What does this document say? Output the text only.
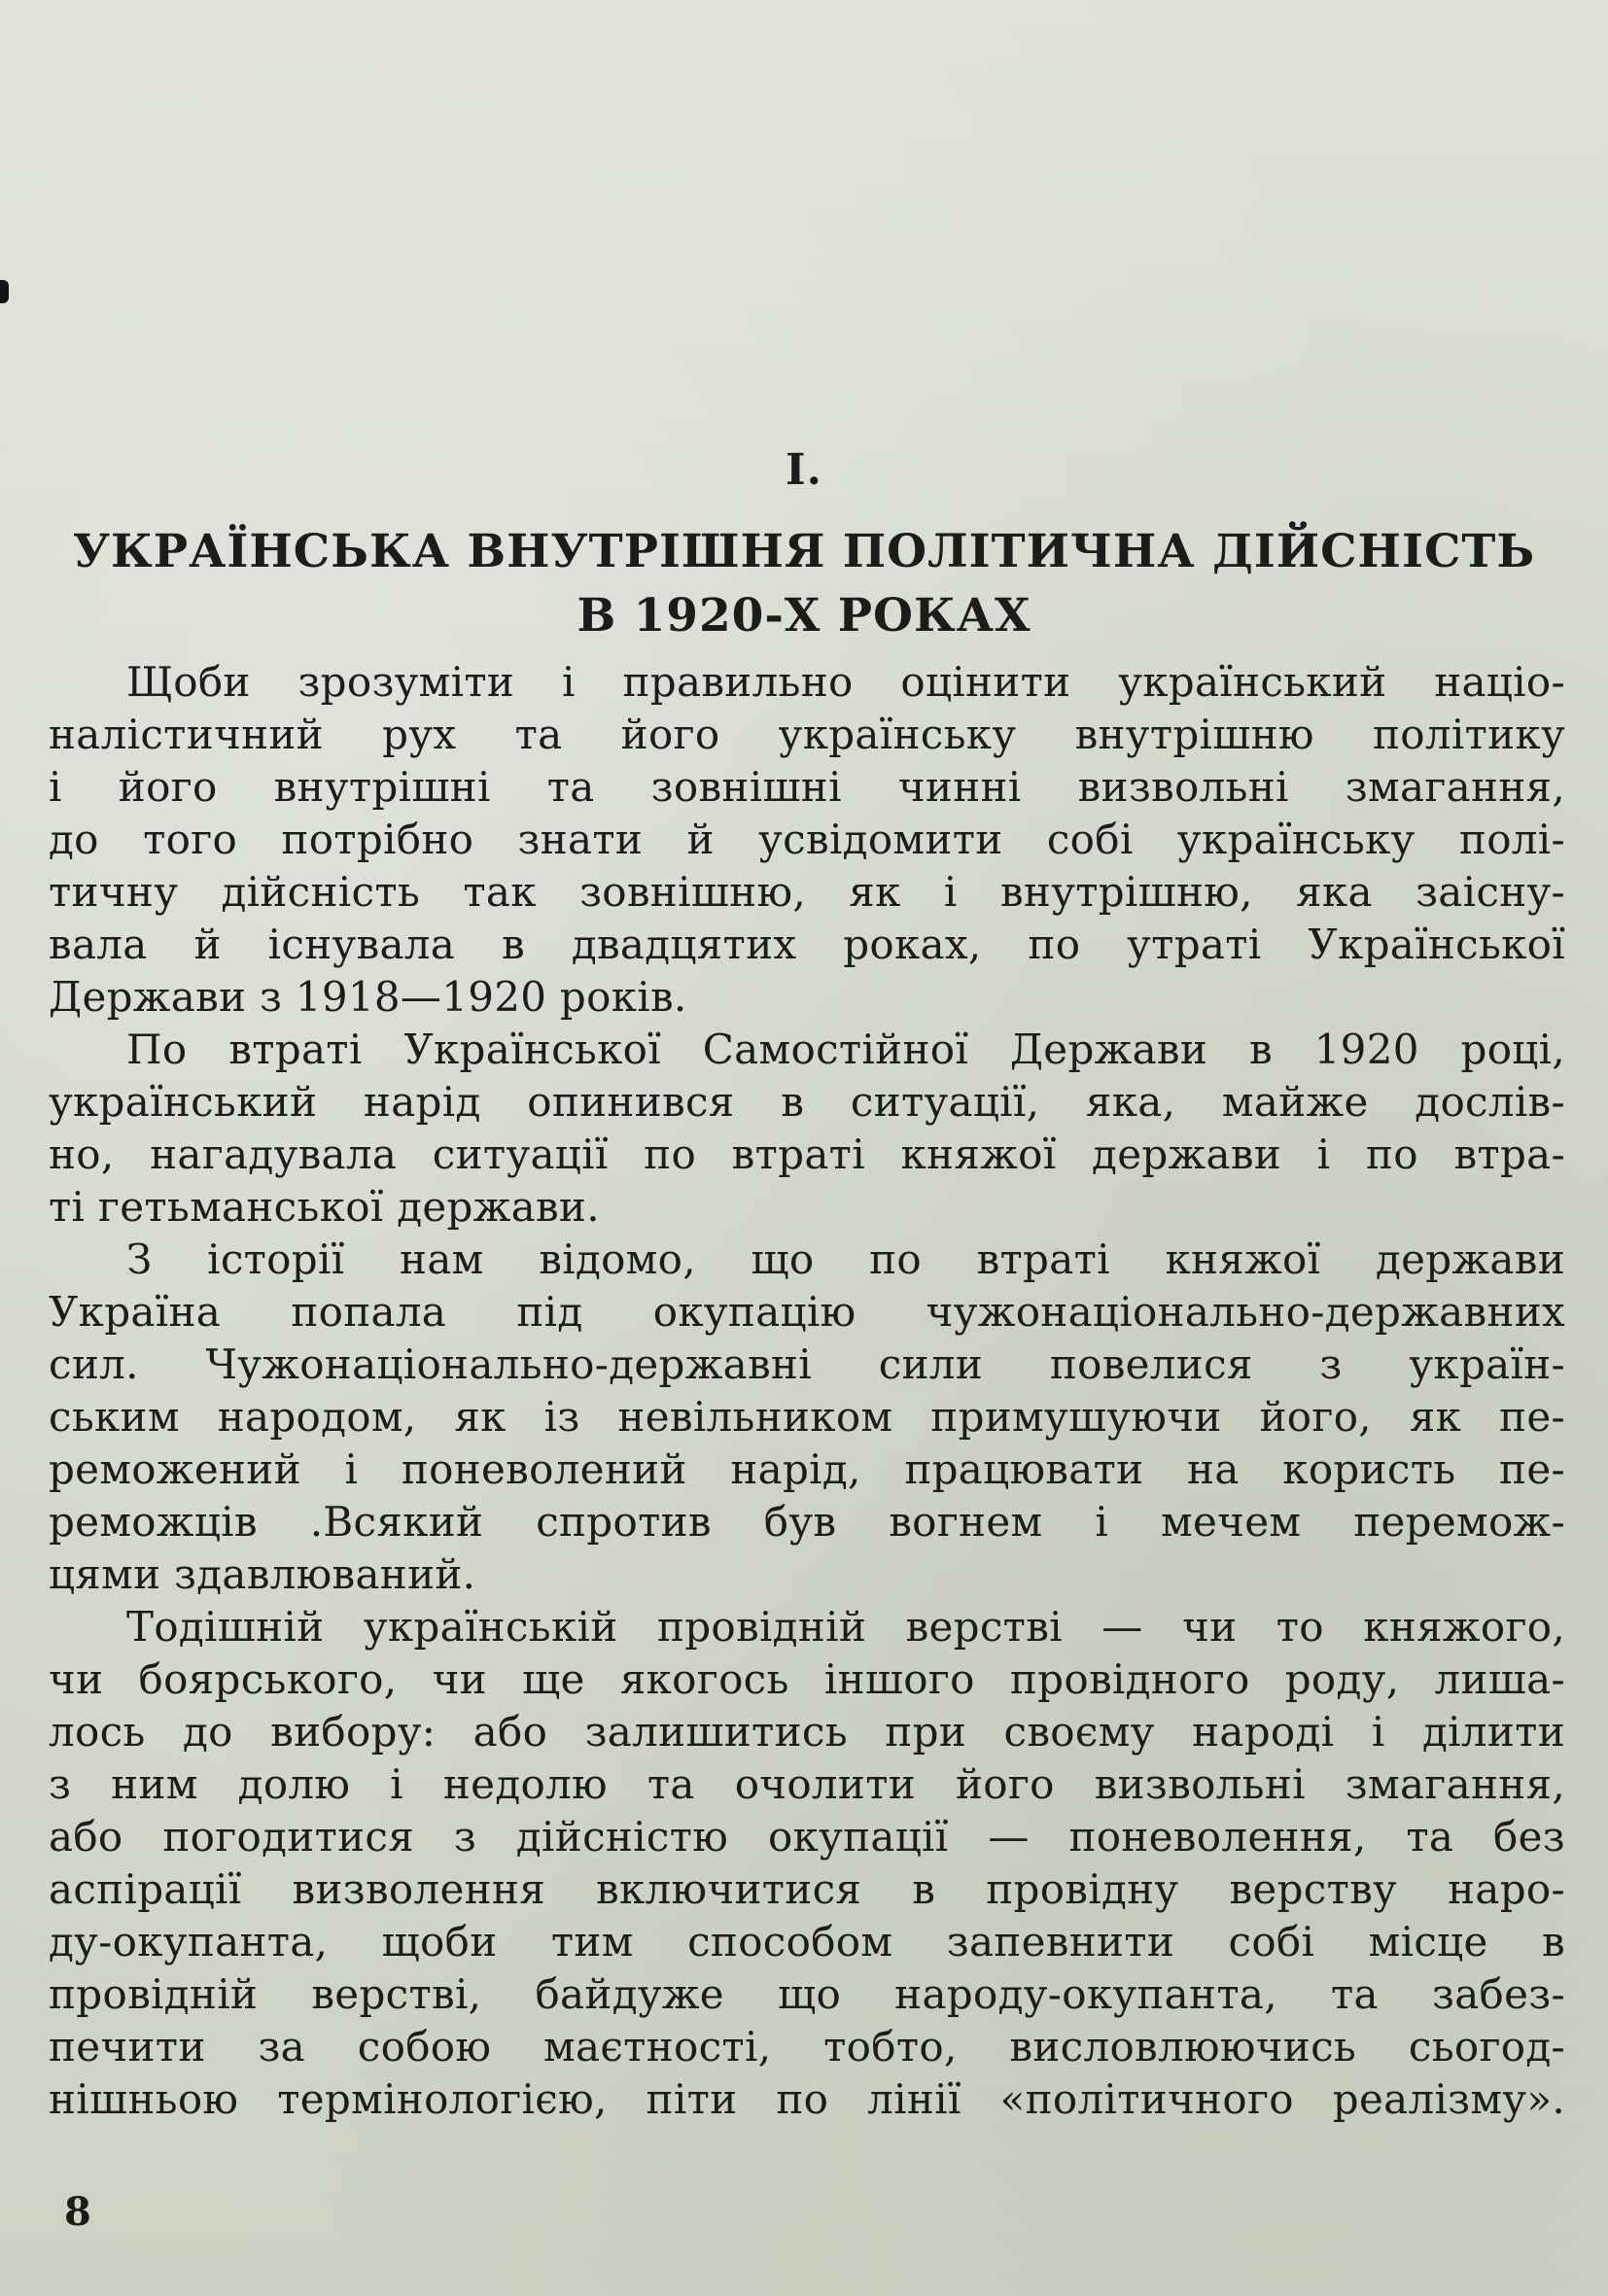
I.
УКРАЇНСЬКА ВНУТРІШНЯ ПОЛІТИЧНА ДІЙСНІСТЬ
В 1920-Х РОКАХ

Щоби зрозуміти і правильно оцінити український націо-
налістичний рух та його українську внутрішню політику
і його внутрішні та зовнішні чинні визвольні змагання,
до того потрібно знати й усвідомити собі українську полі-
тичну дійсність так зовнішню, як і внутрішню, яка заісну-
вала й існувала в двадцятих роках, по утраті Української
Держави з 1918—1920 років.

По втраті Української Самостійної Держави в 1920 році,
український нарід опинився в ситуації, яка, майже дослів-
но, нагадувала ситуації по втраті княжої держави і по втра-
ті гетьманської держави.

З історії нам відомо, що по втраті княжої держави
Україна попала під окупацію чужонаціонально-державних
сил. Чужонаціонально-державні сили повелися з україн-
ським народом, як із невільником примушуючи його, як пе-
реможений і поневолений нарід, працювати на користь пе-
реможців .Всякий спротив був вогнем і мечем перемож-
цями здавлюваний.

Тодішній українській провідній верстві — чи то княжого,
чи боярського, чи ще якогось іншого провідного роду, лиша-
лось до вибору: або залишитись при своєму народі і ділити
з ним долю і недолю та очолити його визвольні змагання,
або погодитися з дійсністю окупації — поневолення, та без
аспірації визволення включитися в провідну верству наро-
ду-окупанта, щоби тим способом запевнити собі місце в
провідній верстві, байдуже що народу-окупанта, та забез-
печити за собою маєтності, тобто, висловлюючись сьогод-
нішньою термінологією, піти по лінії «політичного реалізму».

8
